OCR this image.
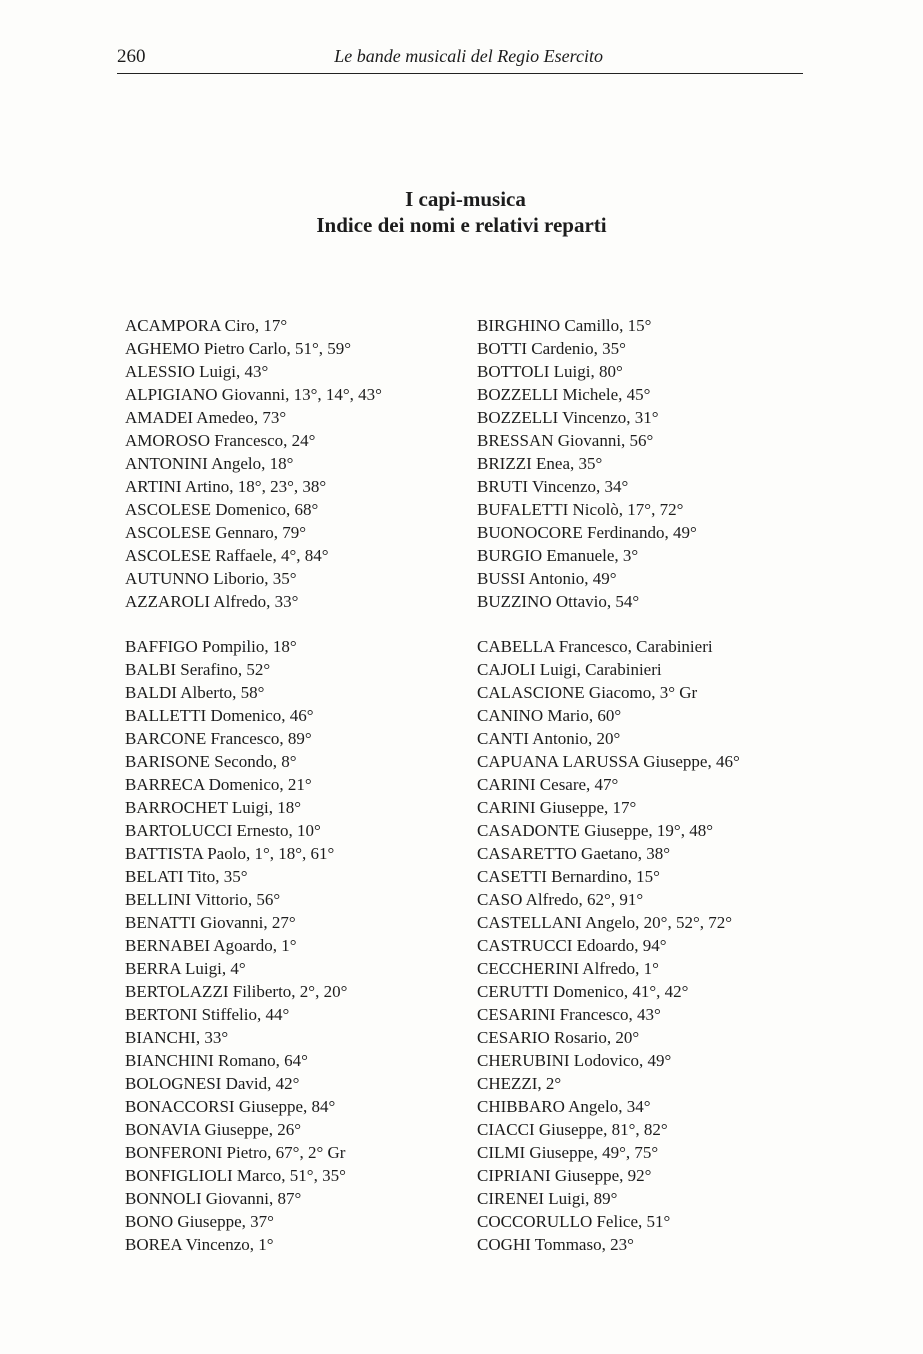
260	Le bande musicali del Regio Esercito
I capi-musica
Indice dei nomi e relativi reparti
ACAMPORA Ciro, 17°
AGHEMO Pietro Carlo, 51°, 59°
ALESSIO Luigi, 43°
ALPIGIANO Giovanni, 13°, 14°, 43°
AMADEI Amedeo, 73°
AMOROSO Francesco, 24°
ANTONINI Angelo, 18°
ARTINI Artino, 18°, 23°, 38°
ASCOLESE Domenico, 68°
ASCOLESE Gennaro, 79°
ASCOLESE Raffaele, 4°, 84°
AUTUNNO Liborio, 35°
AZZAROLI Alfredo, 33°
BAFFIGO Pompilio, 18°
BALBI Serafino, 52°
BALDI Alberto, 58°
BALLETTI Domenico, 46°
BARCONE Francesco, 89°
BARISONE Secondo, 8°
BARRECA Domenico, 21°
BARROCHET Luigi, 18°
BARTOLUCCI Ernesto, 10°
BATTISTA Paolo, 1°, 18°, 61°
BELATI Tito, 35°
BELLINI Vittorio, 56°
BENATTI Giovanni, 27°
BERNABEI Agoardo, 1°
BERRA Luigi, 4°
BERTOLAZZI Filiberto, 2°, 20°
BERTONI Stiffelio, 44°
BIANCHI, 33°
BIANCHINI Romano, 64°
BOLOGNESI David, 42°
BONACCORSI Giuseppe, 84°
BONAVIA Giuseppe, 26°
BONFERONI Pietro, 67°, 2° Gr
BONFIGLIOLI Marco, 51°, 35°
BONNOLI Giovanni, 87°
BONO Giuseppe, 37°
BOREA Vincenzo, 1°
BIRGHINO Camillo, 15°
BOTTI Cardenio, 35°
BOTTOLI Luigi, 80°
BOZZELLI Michele, 45°
BOZZELLI Vincenzo, 31°
BRESSAN Giovanni, 56°
BRIZZI Enea, 35°
BRUTI Vincenzo, 34°
BUFALETTI Nicolò, 17°, 72°
BUONOCORE Ferdinando, 49°
BURGIO Emanuele, 3°
BUSSI Antonio, 49°
BUZZINO Ottavio, 54°
CABELLA Francesco, Carabinieri
CAJOLI Luigi, Carabinieri
CALASCIONE Giacomo, 3° Gr
CANINO Mario, 60°
CANTI Antonio, 20°
CAPUANA LARUSSA Giuseppe, 46°
CARINI Cesare, 47°
CARINI Giuseppe, 17°
CASADONTE Giuseppe, 19°, 48°
CASARETTO Gaetano, 38°
CASETTI Bernardino, 15°
CASO Alfredo, 62°, 91°
CASTELLANI Angelo, 20°, 52°, 72°
CASTRUCCI Edoardo, 94°
CECCHERINI Alfredo, 1°
CERUTTI Domenico, 41°, 42°
CESARINI Francesco, 43°
CESARIO Rosario, 20°
CHERUBINI Lodovico, 49°
CHEZZI, 2°
CHIBBARO Angelo, 34°
CIACCI Giuseppe, 81°, 82°
CILMI Giuseppe, 49°, 75°
CIPRIANI Giuseppe, 92°
CIRENEI Luigi, 89°
COCCORULLO Felice, 51°
COGHI Tommaso, 23°
